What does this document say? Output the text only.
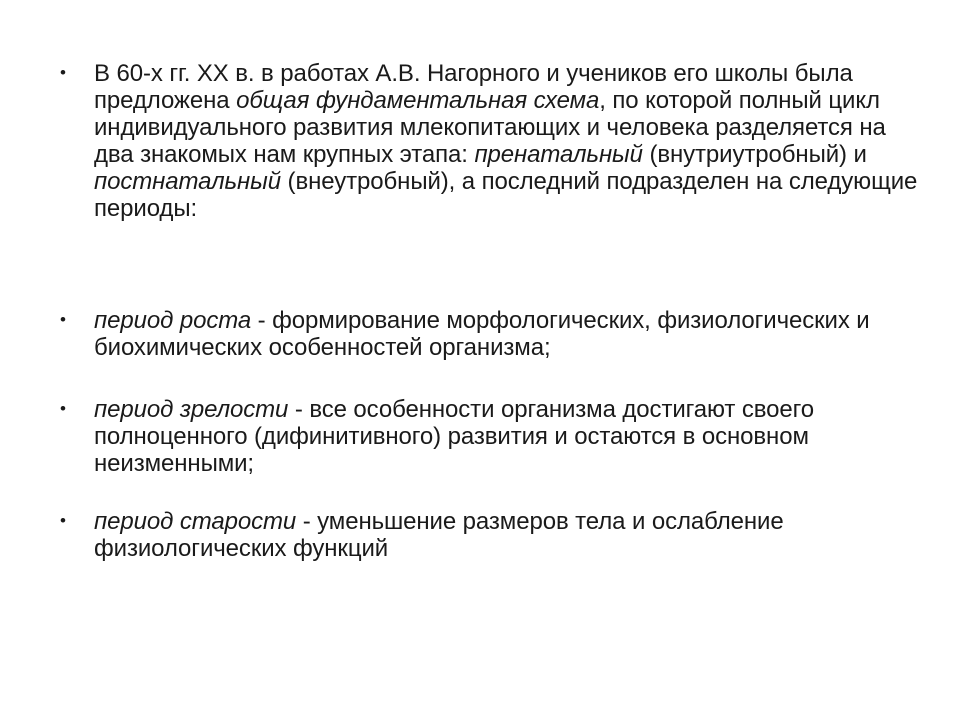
• В 60-х гг. XX в. в работах А.В. Нагорного и учеников его школы была предложена общая фундаментальная схема, по которой полный цикл индивидуального развития млекопитающих и человека разделяется на два знакомых нам крупных этапа: пренатальный (внутриутробный) и постнатальный (внеутробный), а последний подразделен на следующие периоды:
• период роста - формирование морфологических, физиологических и биохимических особенностей организма;
• период зрелости - все особенности организма достигают своего полноценного (дифинитивного) развития и остаются в основном неизменными;
• период старости - уменьшение размеров тела и ослабление физиологических функций
